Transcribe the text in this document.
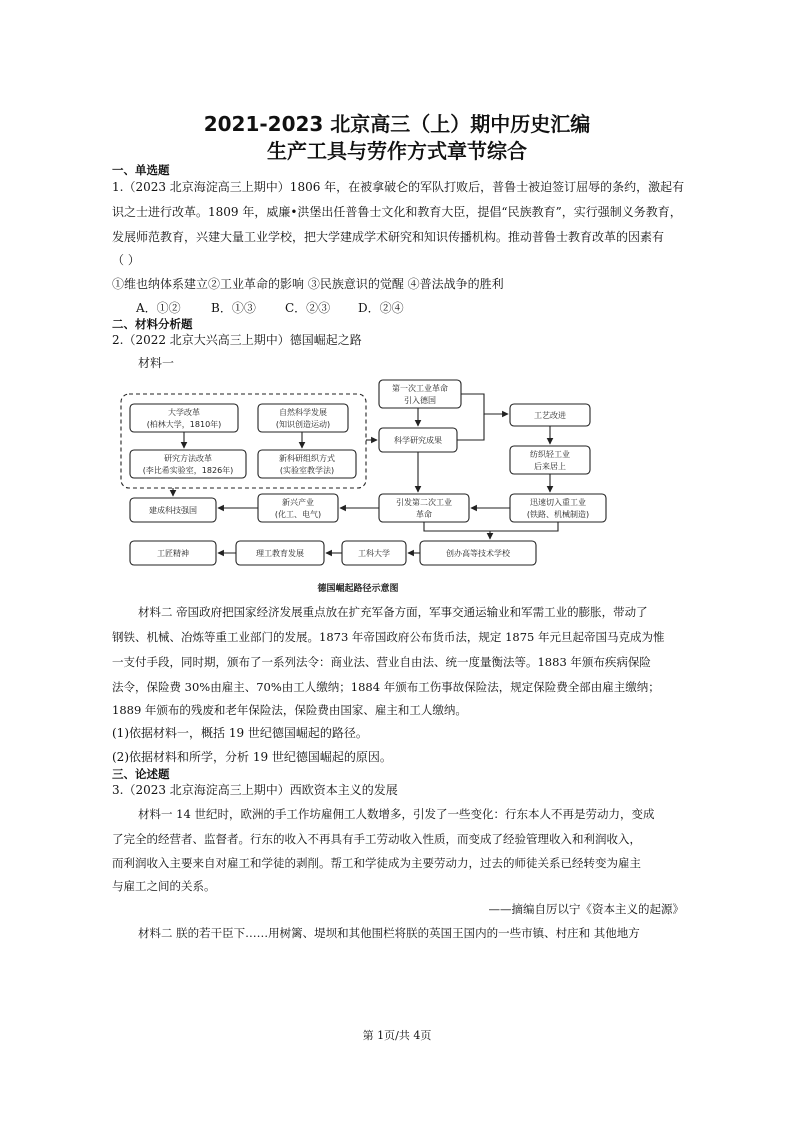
2021-2023 北京高三（上）期中历史汇编
生产工具与劳作方式章节综合
一、单选题
1.（2023 北京海淀高三上期中）1806 年，在被拿破仑的军队打败后，普鲁士被迫签订屈辱的条约，激起有
识之士进行改革。1809 年，威廉•洪堡出任普鲁士文化和教育大臣，提倡“民族教育”，实行强制义务教育，
发展师范教育，兴建大量工业学校，把大学建成学术研究和知识传播机构。推动普鲁士教育改革的因素有
（ ）
①维也纳体系建立②工业革命的影响 ③民族意识的觉醒 ④普法战争的胜利
A．①②	B．①③ C．②③ D．②④
二、材料分析题
2.（2022 北京大兴高三上期中）德国崛起之路
材料一
大学改革
(柏林大学，1810年)
研究方法改革
(李比希实验室，1826年)
自然科学发展
(知识创造运动)
新科研组织方式
(实验室教学法)
第一次工业革命
引入德国
科学研究成果
工艺改进
纺织轻工业
后来居上
迅速切入重工业
(铁路、机械制造)
引发第二次工业
革命
新兴产业
(化工、电气)
建成科技强国
创办高等技术学校
工科大学
理工教育发展
工匠精神
德国崛起路径示意图
材料二 帝国政府把国家经济发展重点放在扩充军备方面，军事交通运输业和军需工业的膨胀，带动了
钢铁、机械、冶炼等重工业部门的发展。1873 年帝国政府公布货币法，规定 1875 年元旦起帝国马克成为惟
一支付手段，同时期，颁布了一系列法令：商业法、营业自由法、统一度量衡法等。1883 年颁布疾病保险
法令，保险费 30%由雇主、70%由工人缴纳；1884 年颁布工伤事故保险法，规定保险费全部由雇主缴纳；
1889 年颁布的残废和老年保险法，保险费由国家、雇主和工人缴纳。
(1)依据材料一，概括 19 世纪德国崛起的路径。
(2)依据材料和所学，分析 19 世纪德国崛起的原因。
三、论述题
3.（2023 北京海淀高三上期中）西欧资本主义的发展
材料一 14 世纪时，欧洲的手工作坊雇佣工人数增多，引发了一些变化：行东本人不再是劳动力，变成
了完全的经营者、监督者。行东的收入不再具有手工劳动收入性质，而变成了经验管理收入和利润收入，
而利润收入主要来自对雇工和学徒的剥削。帮工和学徒成为主要劳动力，过去的师徒关系已经转变为雇主
与雇工之间的关系。
——摘编自厉以宁《资本主义的起源》
材料二 朕的若干臣下……用树篱、堤坝和其他围栏将朕的英国王国内的一些市镇、村庄和 其他地方
第 1页/共 4页
